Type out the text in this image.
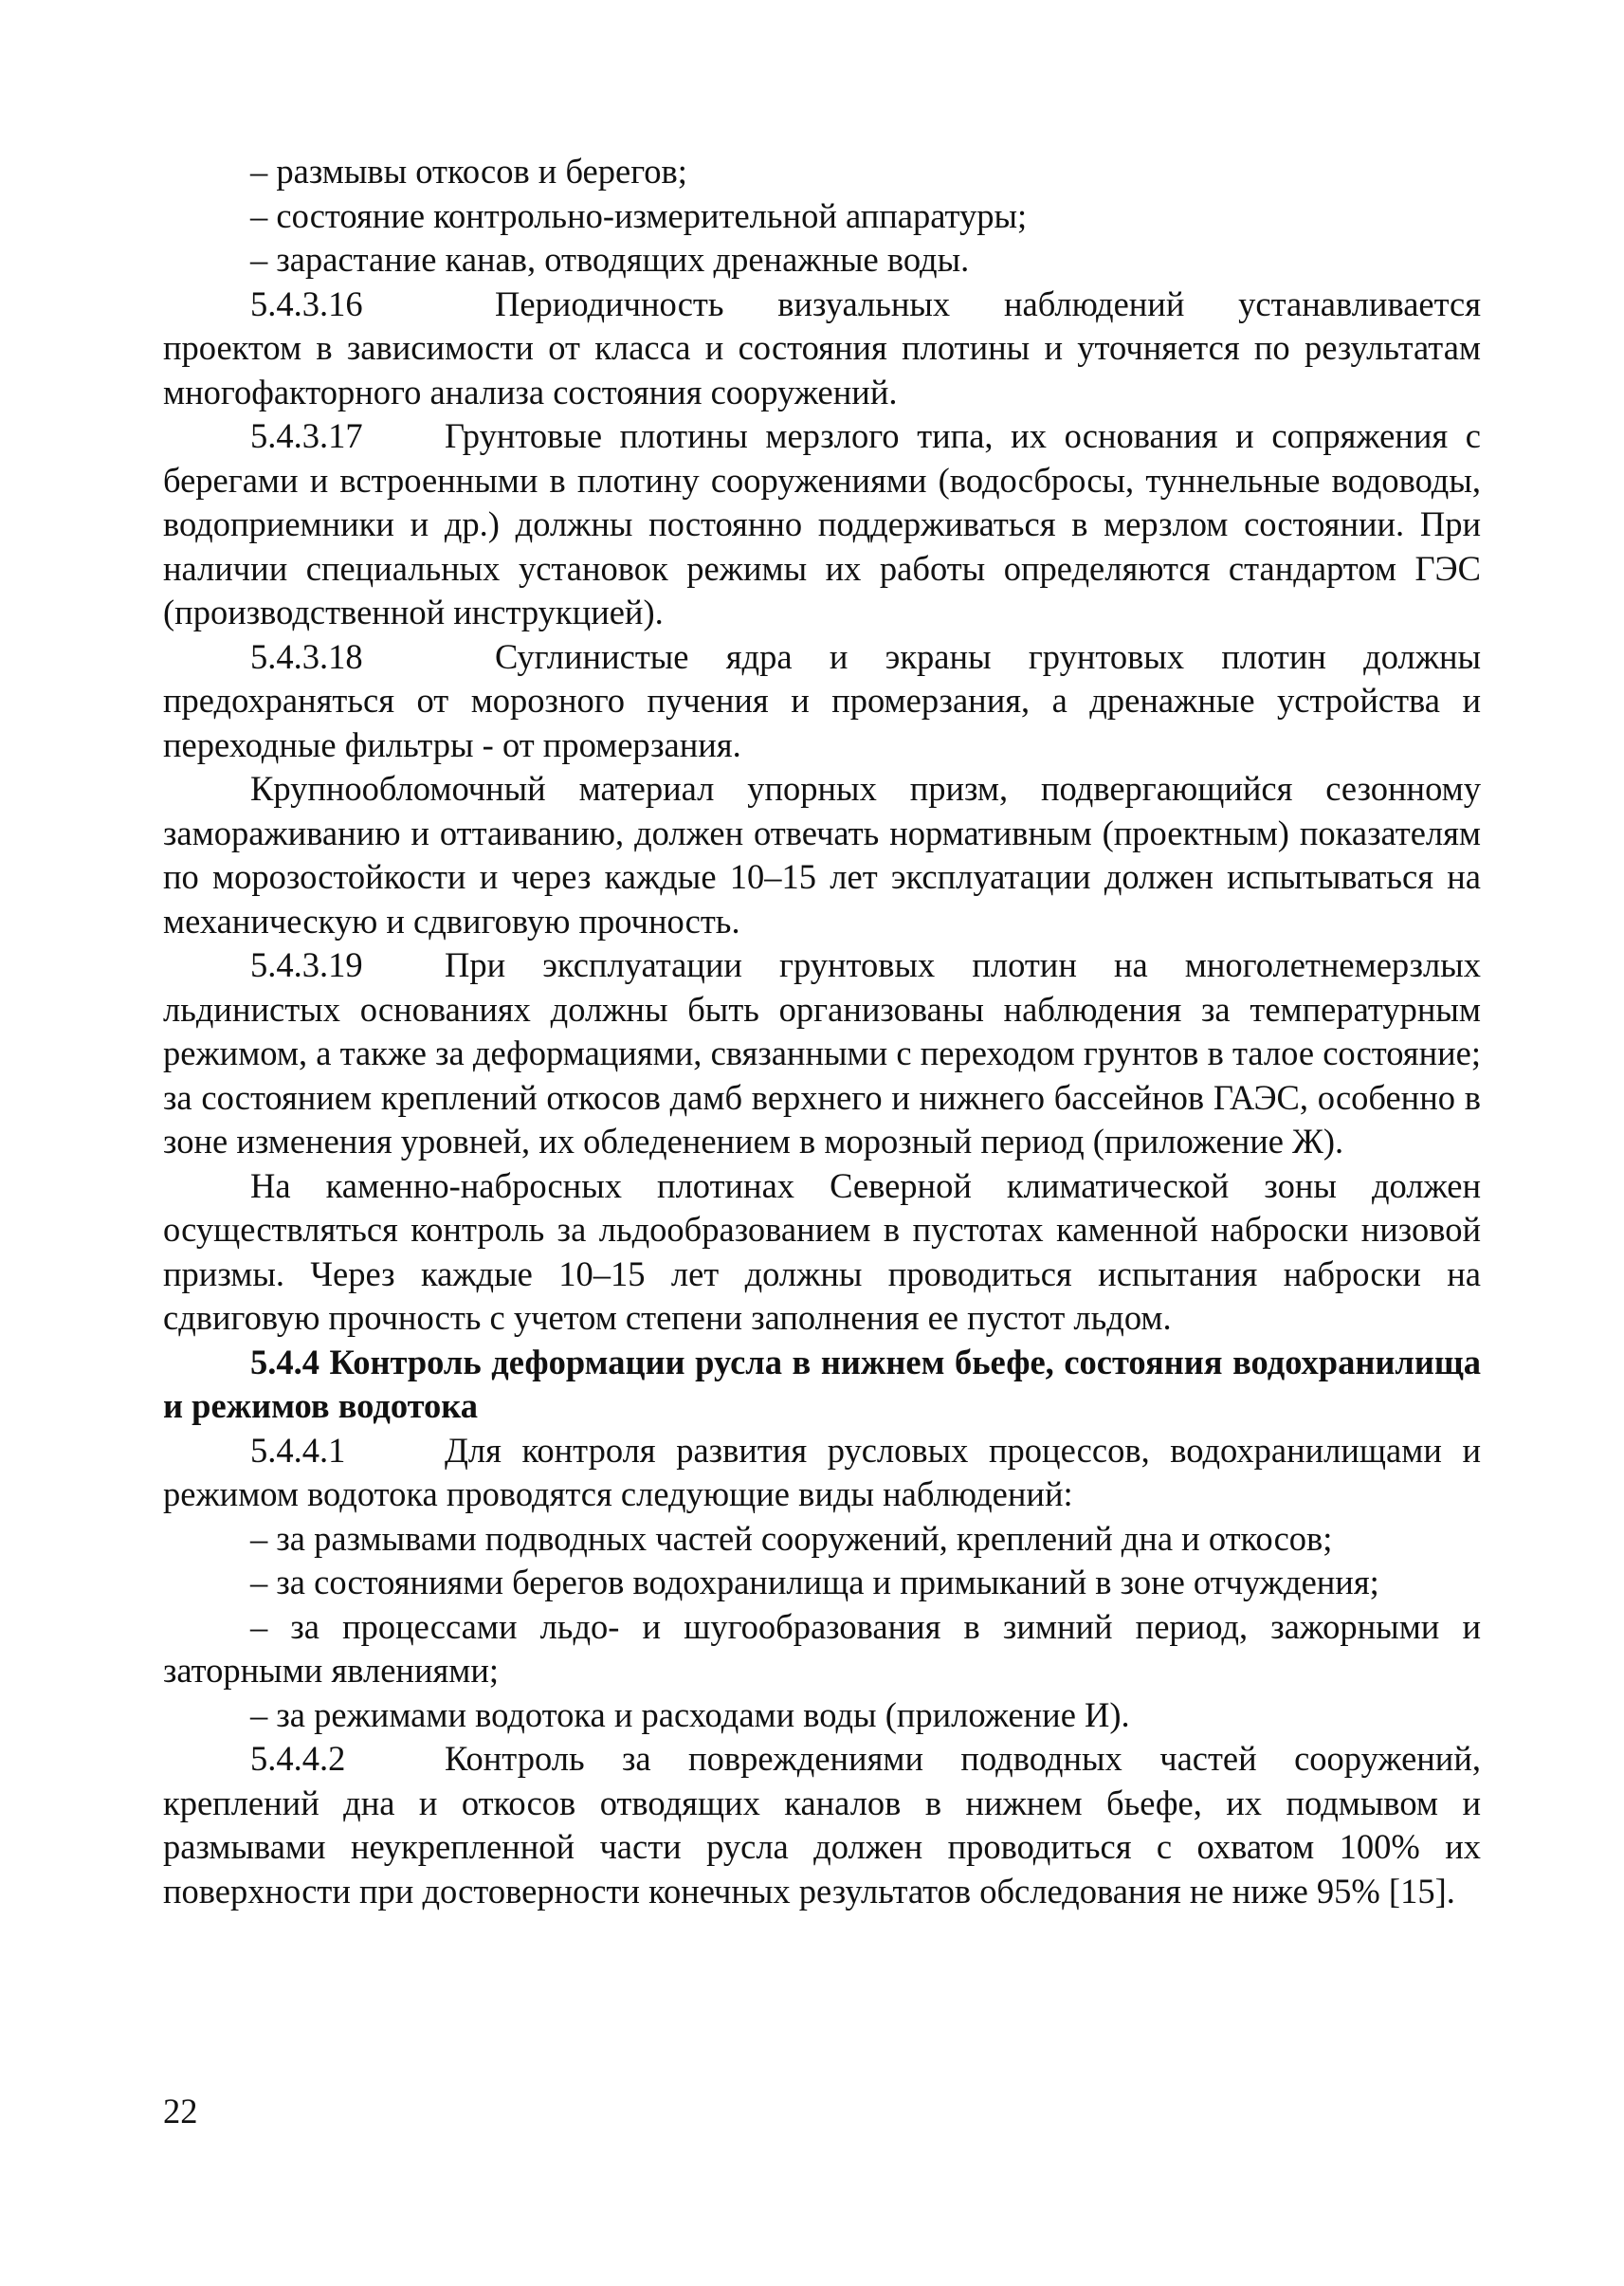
– размывы откосов и берегов;

– состояние контрольно-измерительной аппаратуры;

– зарастание канав, отводящих дренажные воды.

5.4.3.16	Периодичность визуальных наблюдений устанавливается проектом в зависимости от класса и состояния плотины и уточняется по результатам многофакторного анализа состояния сооружений.

5.4.3.17 Грунтовые плотины мерзлого типа, их основания и сопряжения с берегами и встроенными в плотину сооружениями (водосбросы, туннельные водоводы, водоприемники и др.) должны постоянно поддерживаться в мерзлом состоянии. При наличии специальных установок режимы их работы определяются стандартом ГЭС (производственной инструкцией).

5.4.3.18	Суглинистые ядра и экраны грунтовых плотин должны предохраняться от морозного пучения и промерзания, а дренажные устройства и переходные фильтры - от промерзания.

Крупнообломочный материал упорных призм, подвергающийся сезонному замораживанию и оттаиванию, должен отвечать нормативным (проектным) показателям по морозостойкости и через каждые 10–15 лет эксплуатации должен испытываться на механическую и сдвиговую прочность.

5.4.3.19 При эксплуатации грунтовых плотин на многолетнемерзлых льдинистых основаниях должны быть организованы наблюдения за температурным режимом, а также за деформациями, связанными с переходом грунтов в талое состояние; за состоянием креплений откосов дамб верхнего и нижнего бассейнов ГАЭС, особенно в зоне изменения уровней, их обледенением в морозный период (приложение Ж).

На каменно-набросных плотинах Северной климатической зоны должен осуществляться контроль за льдообразованием в пустотах каменной наброски низовой призмы. Через каждые 10–15 лет должны проводиться испытания наброски на сдвиговую прочность с учетом степени заполнения ее пустот льдом.

5.4.4 Контроль деформации русла в нижнем бьефе, состояния водохранилища и режимов водотока

5.4.4.1	Для контроля развития русловых процессов, водохранилищами и режимом водотока проводятся следующие виды наблюдений:

– за размывами подводных частей сооружений, креплений дна и откосов;

– за состояниями берегов водохранилища и примыканий в зоне отчуждения;

– за процессами льдо- и шугообразования в зимний период, зажорными и заторными явлениями;

– за режимами водотока и расходами воды (приложение И).

5.4.4.2	Контроль за повреждениями подводных частей сооружений, креплений дна и откосов отводящих каналов в нижнем бьефе, их подмывом и размывами неукрепленной части русла должен проводиться с охватом 100% их поверхности при достоверности конечных результатов обследования не ниже 95% [15].

22
